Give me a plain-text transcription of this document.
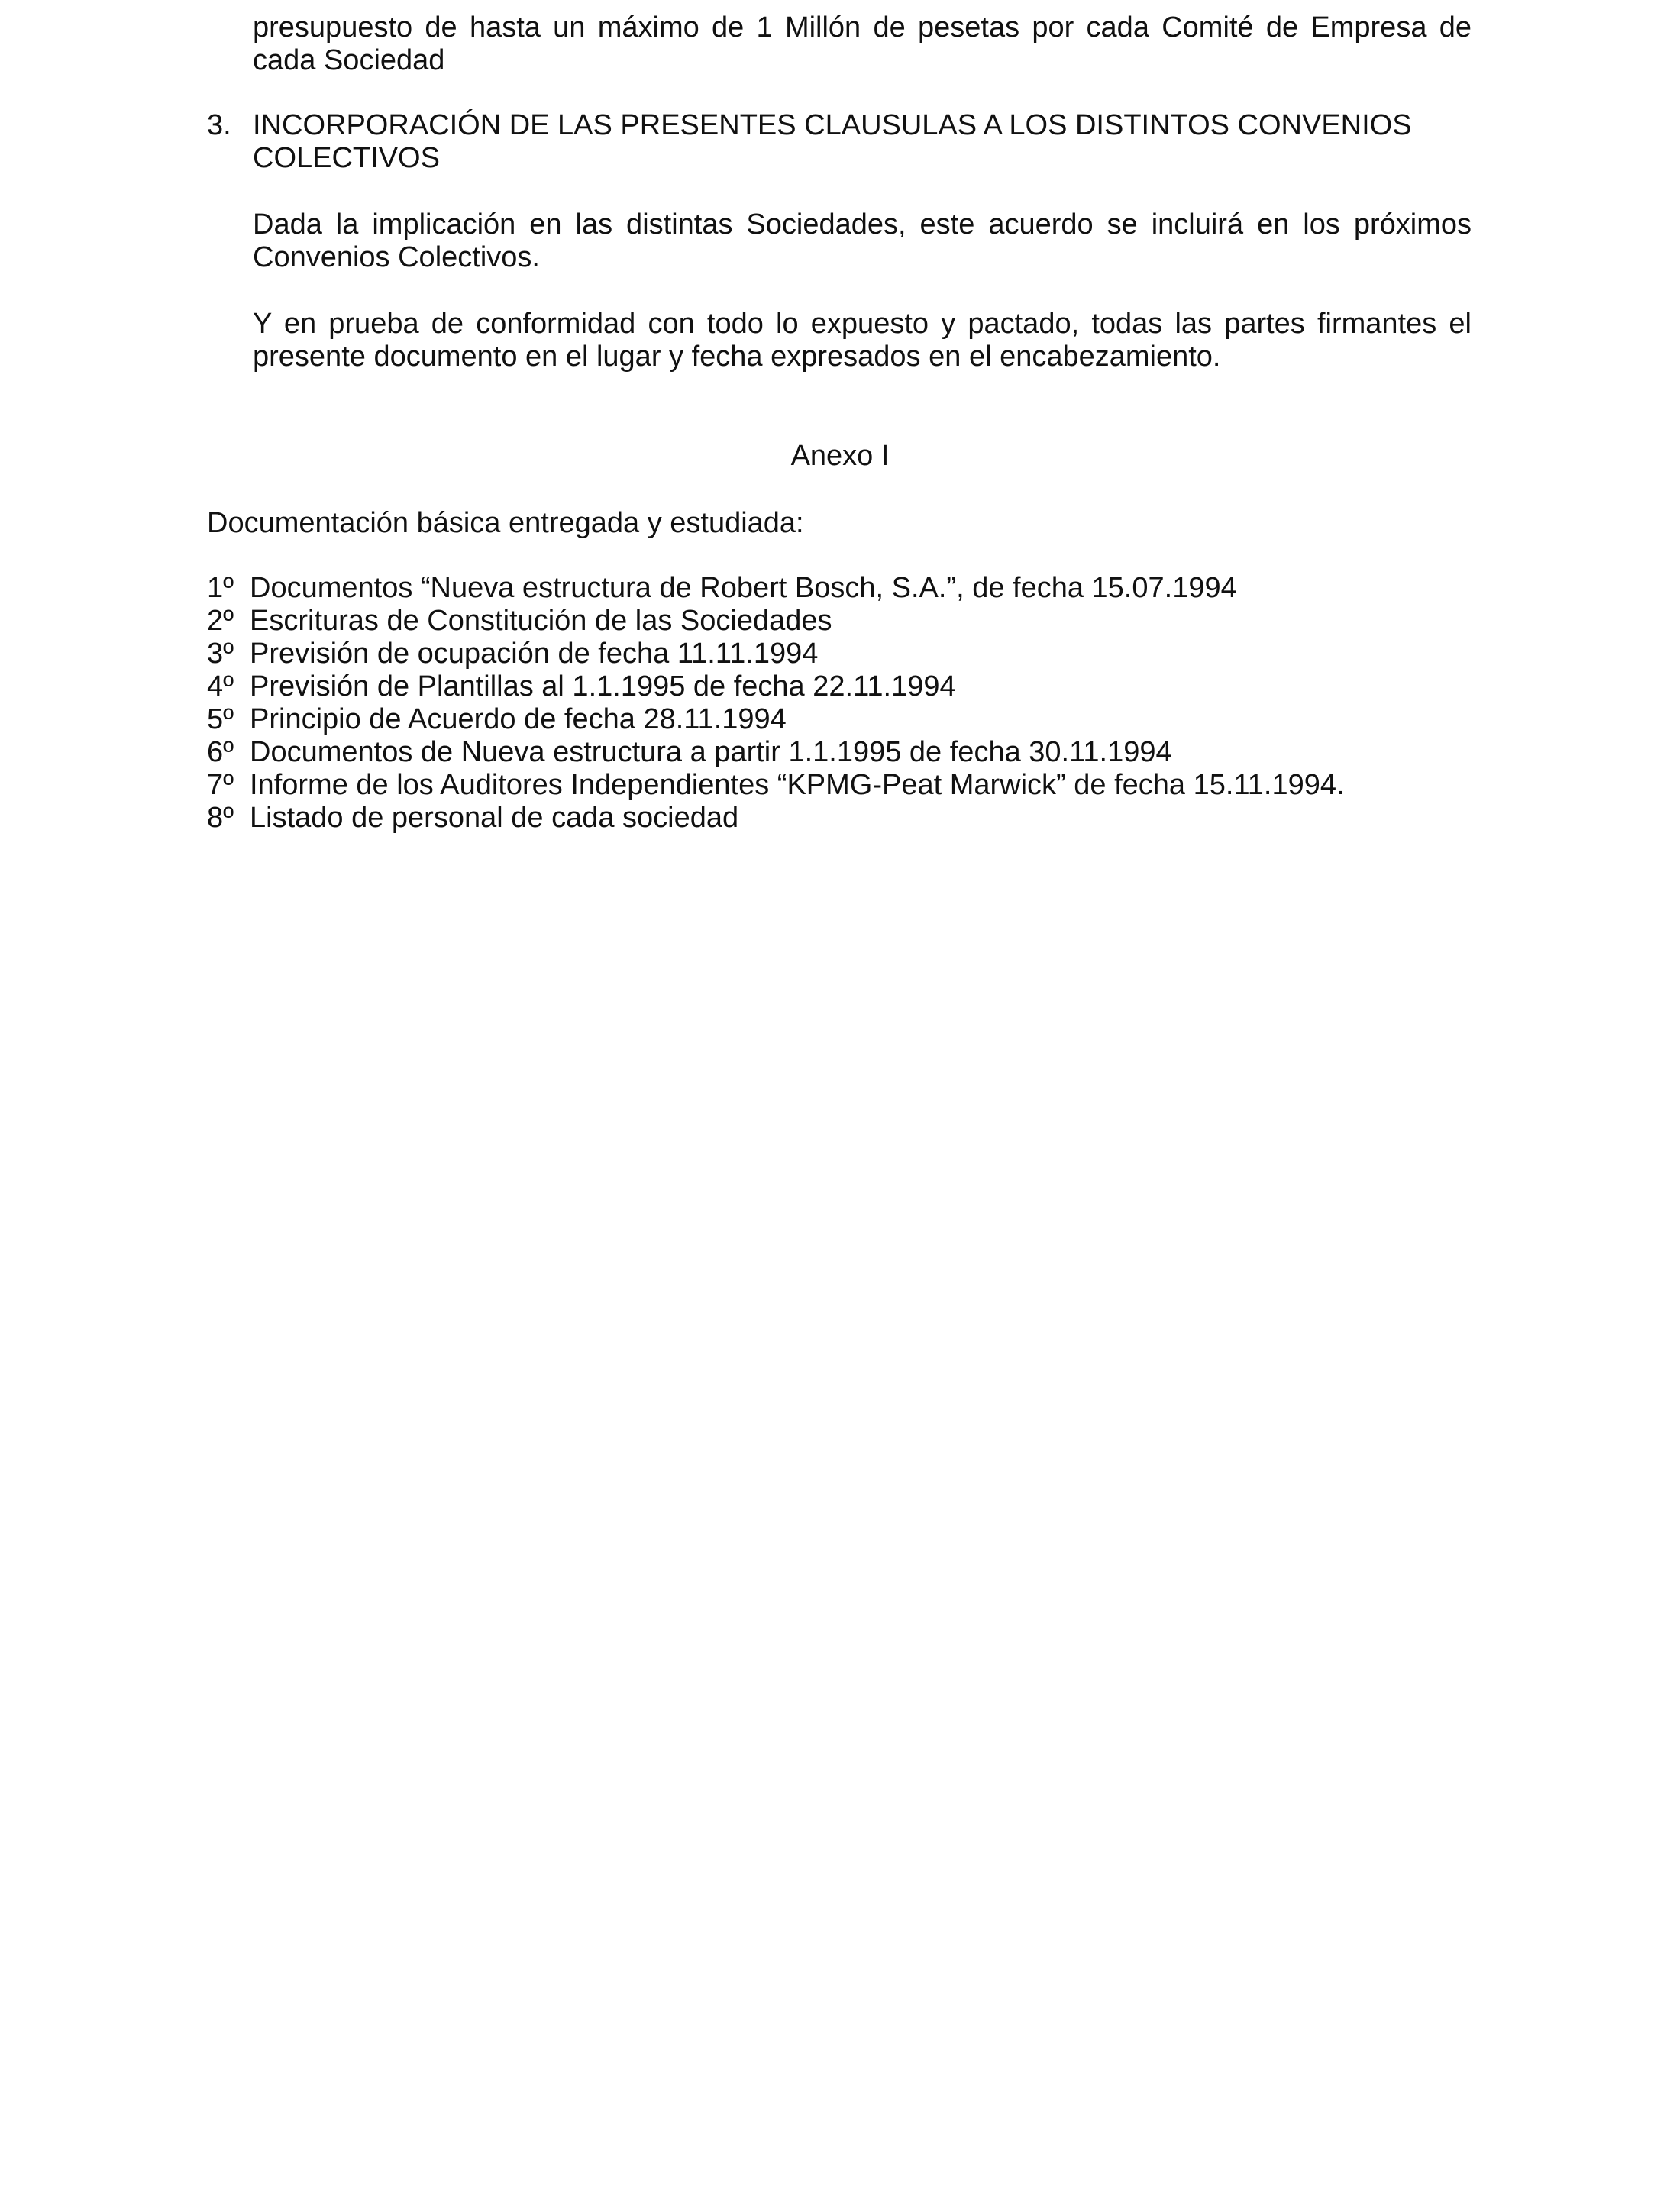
presupuesto de hasta un máximo de 1 Millón de pesetas por cada Comité de Empresa de cada Sociedad

3. INCORPORACIÓN DE LAS PRESENTES CLAUSULAS A LOS DISTINTOS CONVENIOS COLECTIVOS

Dada la implicación en las distintas Sociedades, este acuerdo se incluirá en los próximos Convenios Colectivos.

Y en prueba de conformidad con todo lo expuesto y pactado, todas las partes firmantes el presente documento en el lugar y fecha expresados en el encabezamiento.

Anexo I

Documentación básica entregada y estudiada:

1º Documentos “Nueva estructura de Robert Bosch, S.A.”, de fecha 15.07.1994
2º Escrituras de Constitución de las Sociedades
3º Previsión de ocupación de fecha 11.11.1994
4º Previsión de Plantillas al 1.1.1995 de fecha 22.11.1994
5º Principio de Acuerdo de fecha 28.11.1994
6º Documentos de Nueva estructura a partir 1.1.1995 de fecha 30.11.1994
7º Informe de los Auditores Independientes “KPMG-Peat Marwick” de fecha 15.11.1994.
8º Listado de personal de cada sociedad
